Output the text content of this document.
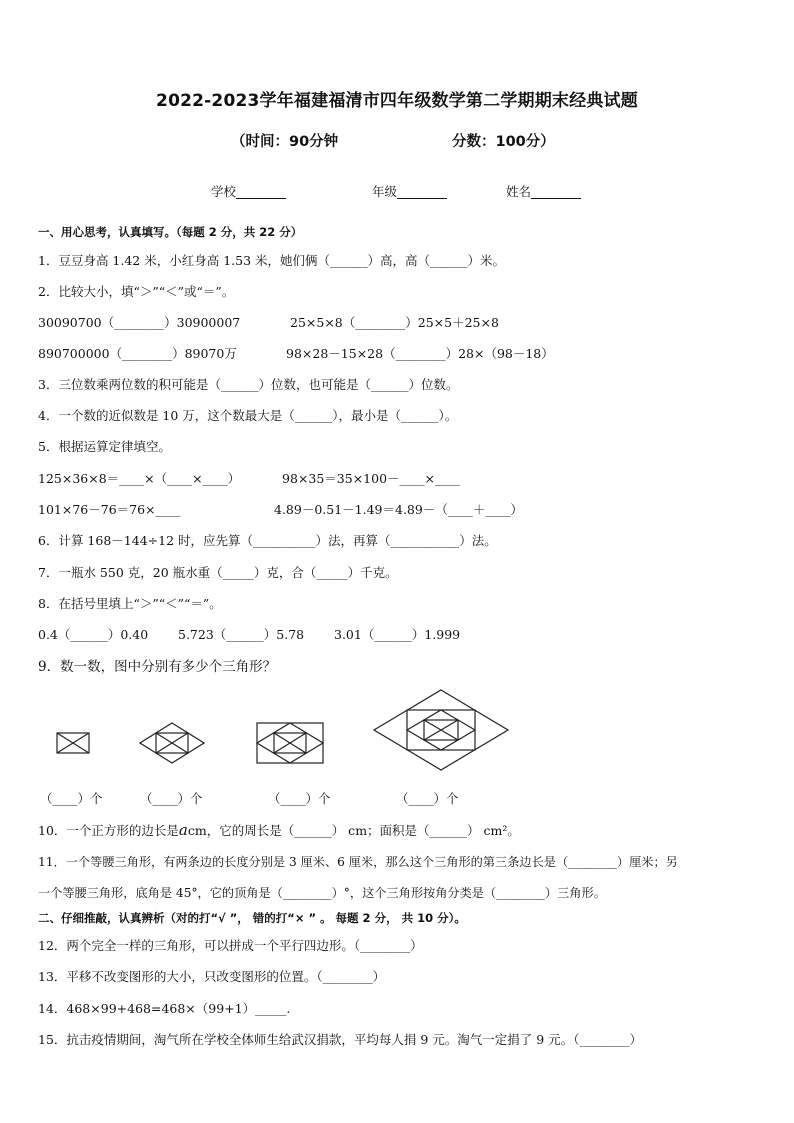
2022-2023学年福建福清市四年级数学第二学期期末经典试题
（时间：90分钟	分数：100分）
学校	年级	姓名
一、用心思考，认真填写。（每题 2 分，共 22 分）
1．豆豆身高 1.42 米，小红身高 1.53 米，她们俩（______）高，高（______）米。
2．比较大小，填“＞”“＜”或“＝”。
30090700（________）30900007	25×5×8（________）25×5＋25×8
890700000（________）89070万	98×28－15×28（________）28×（98－18）
3．三位数乘两位数的积可能是（______）位数，也可能是（______）位数。
4．一个数的近似数是 10 万，这个数最大是（______），最小是（______）。
5．根据运算定律填空。
125×36×8＝____×（____×____）	98×35＝35×100－____×____
101×76－76＝76×____	4.89－0.51－1.49＝4.89－（____＋____）
6．计算 168－144÷12 时，应先算（__________）法，再算（___________）法。
7．一瓶水 550 克，20 瓶水重（_____）克，合（_____）千克。
8．在括号里填上“＞”“＜”“＝”。
0.4（______）0.40 5.723（______）5.78 3.01（______）1.999
9．数一数，图中分别有多少个三角形？
（____）个	（____）个	（____）个	（____）个
10．一个正方形的边长是acm，它的周长是（______） cm；面积是（______） cm²。
11．一个等腰三角形，有两条边的长度分别是 3 厘米、6 厘米，那么这个三角形的第三条边长是（________）厘米；另
一个等腰三角形，底角是 45°，它的顶角是（________）°，这个三角形按角分类是（________）三角形。
二、仔细推敲，认真辨析（对的打“√ ”， 错的打“× ” 。 每题 2 分， 共 10 分）。
12．两个完全一样的三角形，可以拼成一个平行四边形。（________）
13．平移不改变图形的大小，只改变图形的位置。（________）
14．468×99+468=468×（99+1）_____.
15．抗击疫情期间，淘气所在学校全体师生给武汉捐款，平均每人捐 9 元。淘气一定捐了 9 元。（________）
